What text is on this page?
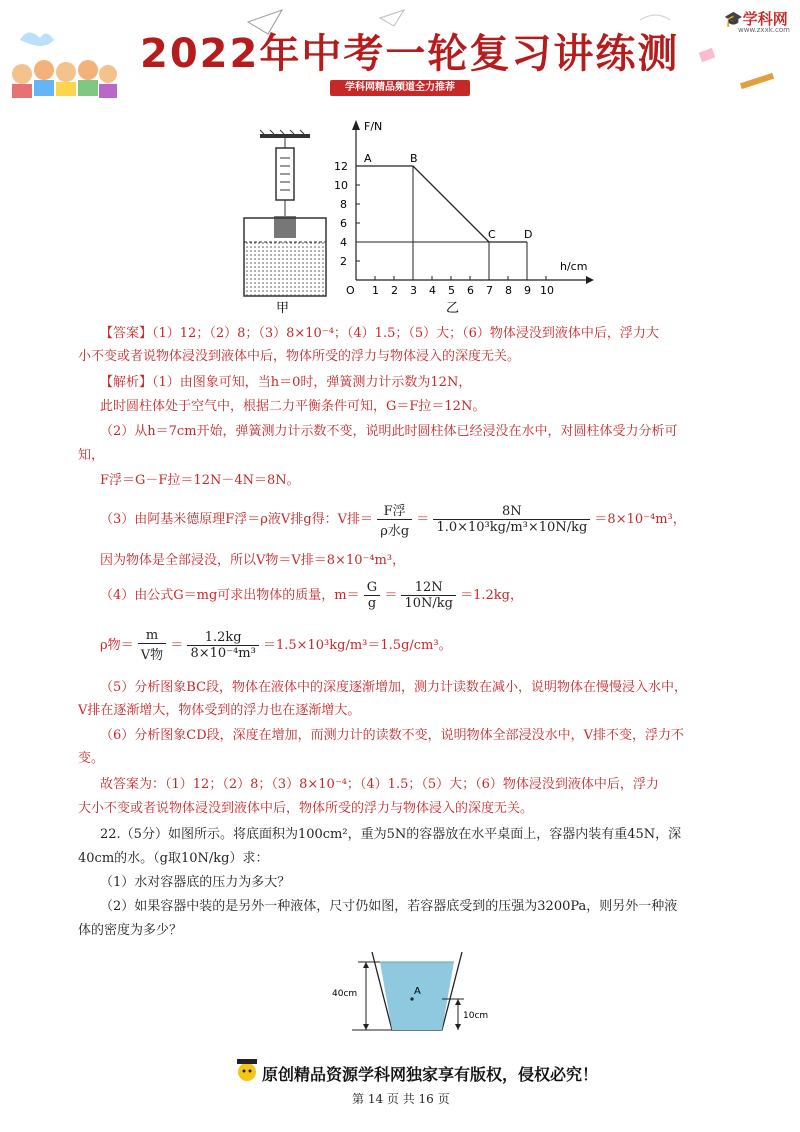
2022年中考一轮复习讲练测
学科网精品频道全力推荐
🎓学科网
www.zxxk.com
甲
F/N
h/cm
O
12
10
8
6
4
2
1 2 3 4 5 6 7 8 9 10
A	B
C	D
乙
【答案】（1）12；（2）8；（3）8×10⁻⁴；（4）1.5；（5）大；（6）物体浸没到液体中后，浮力大
小不变或者说物体浸没到液体中后，物体所受的浮力与物体浸入的深度无关。
【解析】（1）由图象可知，当h＝0时，弹簧测力计示数为12N，
此时圆柱体处于空气中，根据二力平衡条件可知，G＝F拉＝12N。
（2）从h＝7cm开始，弹簧测力计示数不变，说明此时圆柱体已经浸没在水中，对圆柱体受力分析可
知，
F浮＝G－F拉＝12N－4N＝8N。
（3）由阿基米德原理F浮＝ρ液V排g得：V排＝ $\frac{\text{F浮}}{\text{ρ水g}} = \frac{8N}{\text{1.0×10³kg/m³×10N/kg}} =8\times 10^{-4}m^3$，
因为物体是全部浸没，所以V物＝V排＝8×10⁻⁴m³，
（4）由公式G＝mg可求出物体的质量，$m= \frac{G}{g} = \frac{12N}{10N/kg} =1.2kg$，
ρ物＝ $\frac{m}{\text{V物}} = \frac{1.2kg}{\text{8×10⁻⁴m³}} =1.5\times 10^3kg/m^3=1.5g/cm^3$。
（5）分析图象BC段，物体在液体中的深度逐渐增加，测力计读数在减小，说明物体在慢慢浸入水中，
V排在逐渐增大，物体受到的浮力也在逐渐增大。
（6）分析图象CD段，深度在增加，而测力计的读数不变，说明物体全部浸没水中，V排不变，浮力不
变。
故答案为：（1）12；（2）8；（3）8×10⁻⁴；（4）1.5；（5）大；（6）物体浸没到液体中后，浮力
大小不变或者说物体浸没到液体中后，物体所受的浮力与物体浸入的深度无关。
22.（5分）如图所示。将底面积为100cm²，重为5N的容器放在水平桌面上，容器内装有重45N，深
40cm的水。（g取10N/kg）求：
（1）水对容器底的压力为多大？
（2）如果容器中装的是另外一种液体，尺寸仍如图，若容器底受到的压强为3200Pa，则另外一种液
体的密度为多少？
40cm	A
10cm
原创精品资源学科网独家享有版权，侵权必究！
第 14 页 共 16 页
